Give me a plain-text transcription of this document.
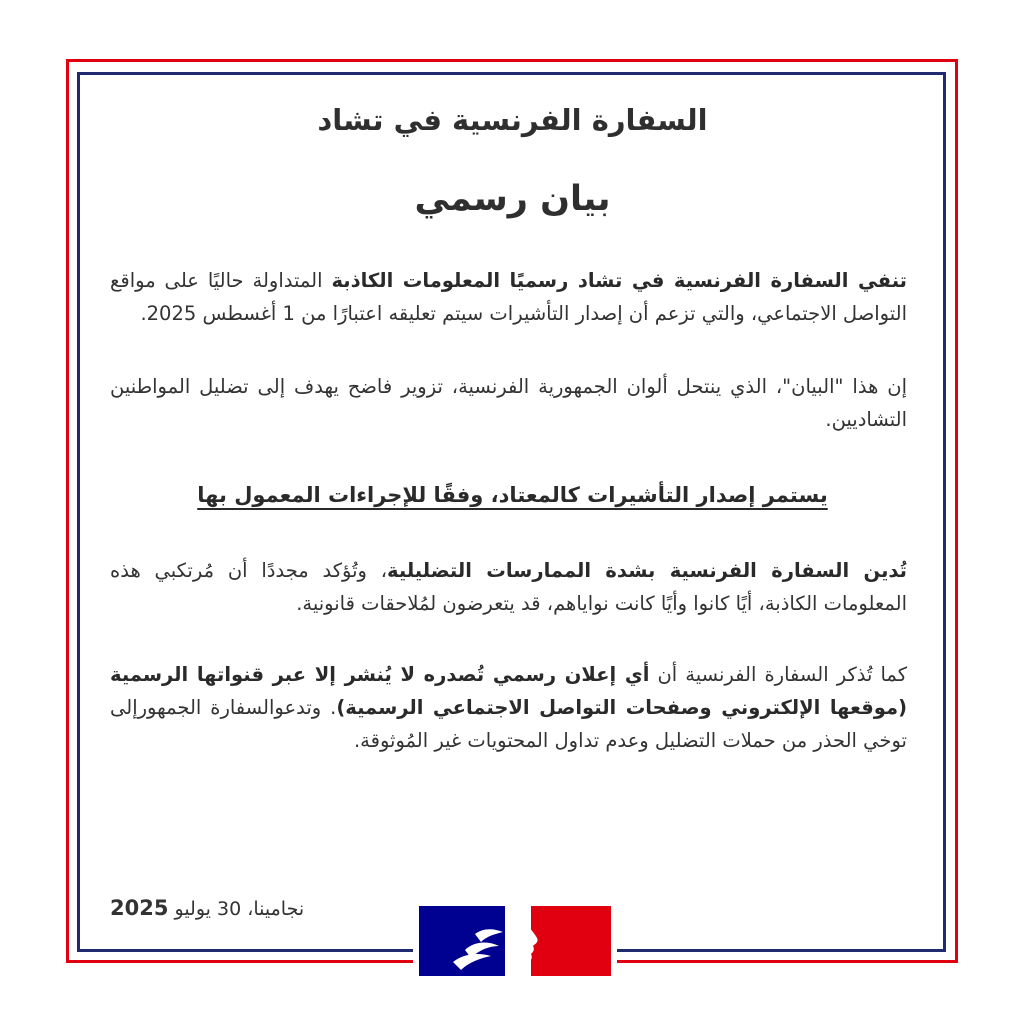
السفارة الفرنسية في تشاد
بيان رسمي

تنفي السفارة الفرنسية في تشاد رسميًا المعلومات الكاذبة المتداولة حاليًا على مواقع التواصل الاجتماعي، والتي تزعم أن إصدار التأشيرات سيتم تعليقه اعتبارًا من 1 أغسطس 2025.

إن هذا "البيان"، الذي ينتحل ألوان الجمهورية الفرنسية، تزوير فاضح يهدف إلى تضليل المواطنين التشاديين.

يستمر إصدار التأشيرات كالمعتاد، وفقًا للإجراءات المعمول بها

تُدين السفارة الفرنسية بشدة الممارسات التضليلية، وتُؤكد مجددًا أن مُرتكبي هذه المعلومات الكاذبة، أيًا كانوا وأيًا كانت نواياهم، قد يتعرضون لمُلاحقات قانونية.

كما تُذكر السفارة الفرنسية أن أي إعلان رسمي تُصدره لا يُنشر إلا عبر قنواتها الرسمية (موقعها الإلكتروني وصفحات التواصل الاجتماعي الرسمية). وتدعوالسفارة الجمهورإلى توخي الحذر من حملات التضليل وعدم تداول المحتويات غير المُوثوقة.

نجامينا، 30 يوليو 2025
